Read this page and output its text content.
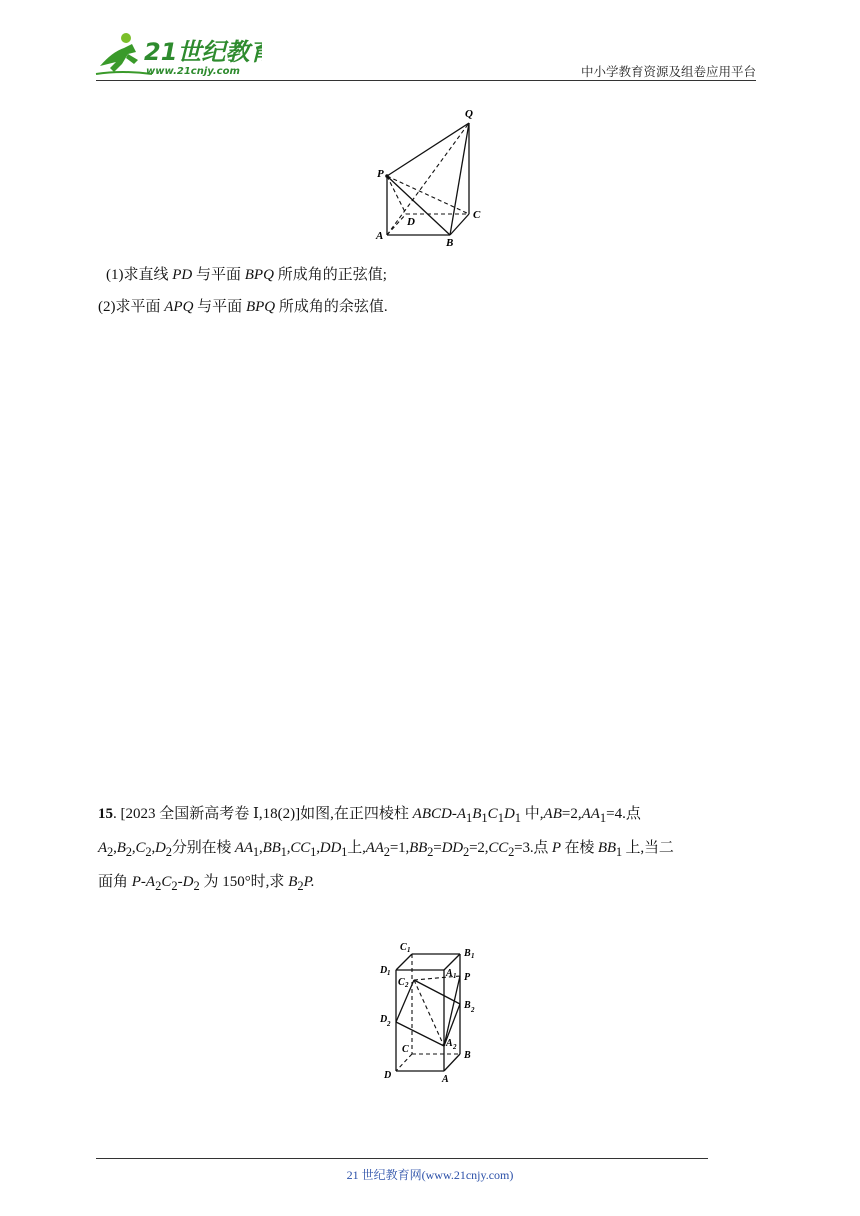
21世纪教育
www.21cnjy.com	中小学教育资源及组卷应用平台
Q
P
C
D
A
B
(1)求直线 PD 与平面 BPQ 所成角的正弦值;
(2)求平面 APQ 与平面 BPQ 所成角的余弦值.
15. [2023 全国新高考卷 Ⅰ,18(2)]如图,在正四棱柱 ABCD-$A_1B_1C_1D_1$ 中$,AB=2,AA_1=4$.点
$A_2,B_2,C_2,D_2$分别在棱 $AA_1,BB_1,CC_1,DD_1$上$,AA_2=1,BB_2=DD_2=2,CC_2=3$.点 P 在棱 $BB_1$ 上,当二
面角 $P-A_2C_2-D_2$ 为 150°时,求 $B_2P$.
C 1	B 1
D 1
C 2
A 1 P
B 2
D 2
C
A 2
B
D	A
21 世纪教育网(www.21cnjy.com)
